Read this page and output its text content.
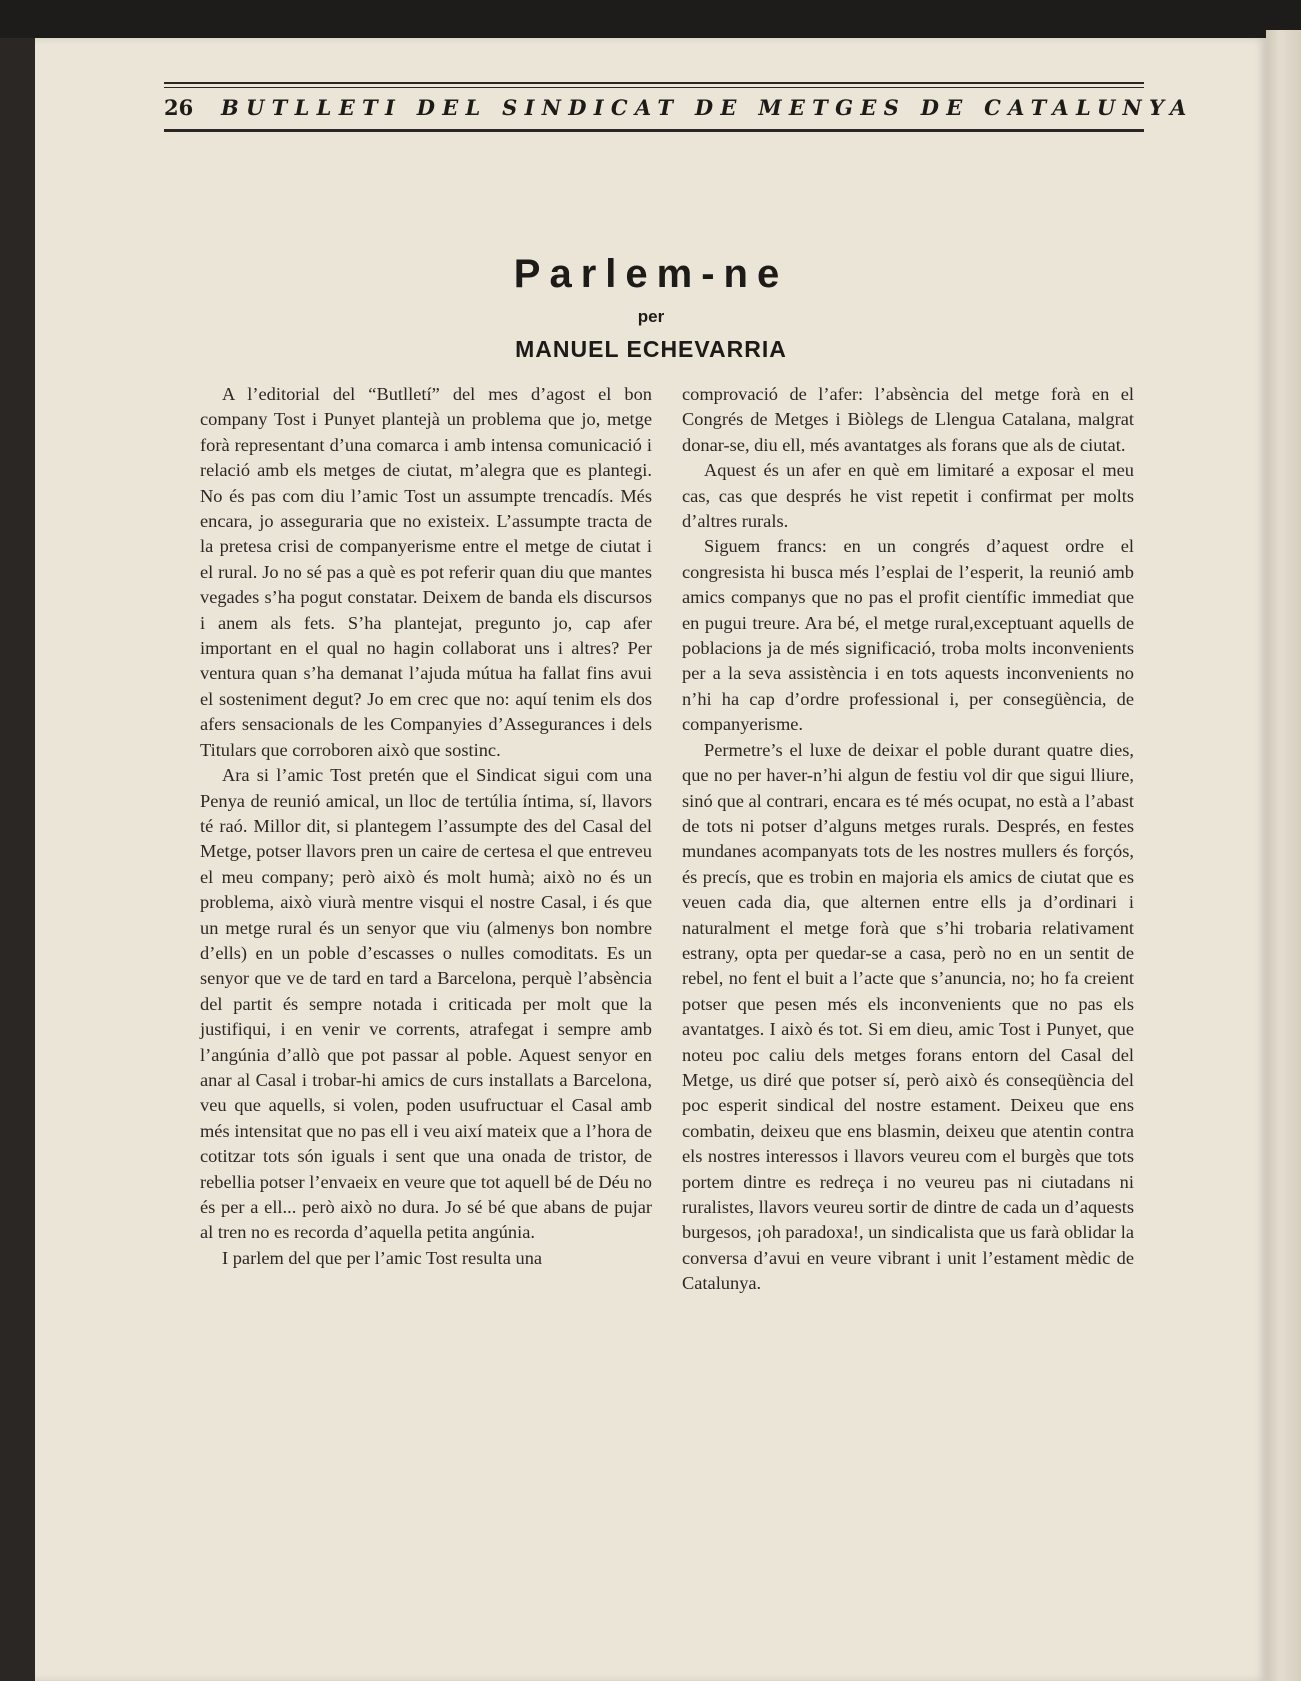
26 BUTLLETI DEL SINDICAT DE METGES DE CATALUNYA
Parlem-ne
per
MANUEL ECHEVARRIA

A l’editorial del “Butlletí” del mes d’agost el bon company Tost i Punyet plantejà un problema que jo, metge forà representant d’una comarca i amb intensa comunicació i relació amb els metges de ciutat, m’alegra que es plantegi. No és pas com diu l’amic Tost un assumpte trencadís. Més encara, jo asseguraria que no existeix. L’assumpte tracta de la pretesa crisi de companyerisme entre el metge de ciutat i el rural. Jo no sé pas a què es pot referir quan diu que mantes vegades s’ha pogut constatar. Deixem de banda els discursos i anem als fets. S’ha plantejat, pregunto jo, cap afer important en el qual no hagin collaborat uns i altres? Per ventura quan s’ha demanat l’ajuda mútua ha fallat fins avui el sosteniment degut? Jo em crec que no: aquí tenim els dos afers sensacionals de les Companyies d’Assegurances i dels Titulars que corroboren això que sostinc.

Ara si l’amic Tost pretén que el Sindicat sigui com una Penya de reunió amical, un lloc de tertúlia íntima, sí, llavors té raó. Millor dit, si plantegem l’assumpte des del Casal del Metge, potser llavors pren un caire de certesa el que entreveu el meu company; però això és molt humà; això no és un problema, això viurà mentre visqui el nostre Casal, i és que un metge rural és un senyor que viu (almenys bon nombre d’ells) en un poble d’escasses o nulles comoditats. Es un senyor que ve de tard en tard a Barcelona, perquè l’absència del partit és sempre notada i criticada per molt que la justifiqui, i en venir ve corrents, atrafegat i sempre amb l’angúnia d’allò que pot passar al poble. Aquest senyor en anar al Casal i trobar-hi amics de curs installats a Barcelona, veu que aquells, si volen, poden usufructuar el Casal amb més intensitat que no pas ell i veu així mateix que a l’hora de cotitzar tots són iguals i sent que una onada de tristor, de rebellia potser l’envaeix en veure que tot aquell bé de Déu no és per a ell... però això no dura. Jo sé bé que abans de pujar al tren no es recorda d’aquella petita angúnia.

I parlem del que per l’amic Tost resulta una

comprovació de l’afer: l’absència del metge forà en el Congrés de Metges i Biòlegs de Llengua Catalana, malgrat donar-se, diu ell, més avantatges als forans que als de ciutat.

Aquest és un afer en què em limitaré a exposar el meu cas, cas que després he vist repetit i confirmat per molts d’altres rurals.

Siguem francs: en un congrés d’aquest ordre el congresista hi busca més l’esplai de l’esperit, la reunió amb amics companys que no pas el profit científic immediat que en pugui treure. Ara bé, el metge rural,exceptuant aquells de poblacions ja de més significació, troba molts inconvenients per a la seva assistència i en tots aquests inconvenients no n’hi ha cap d’ordre professional i, per consegüència, de companyerisme.

Permetre’s el luxe de deixar el poble durant quatre dies, que no per haver-n’hi algun de festiu vol dir que sigui lliure, sinó que al contrari, encara es té més ocupat, no està a l’abast de tots ni potser d’alguns metges rurals. Després, en festes mundanes acompanyats tots de les nostres mullers és forçós, és precís, que es trobin en majoria els amics de ciutat que es veuen cada dia, que alternen entre ells ja d’ordinari i naturalment el metge forà que s’hi trobaria relativament estrany, opta per quedar-se a casa, però no en un sentit de rebel, no fent el buit a l’acte que s’anuncia, no; ho fa creient potser que pesen més els inconvenients que no pas els avantatges. I això és tot. Si em dieu, amic Tost i Punyet, que noteu poc caliu dels metges forans entorn del Casal del Metge, us diré que potser sí, però això és conseqüència del poc esperit sindical del nostre estament. Deixeu que ens combatin, deixeu que ens blasmin, deixeu que atentin contra els nostres interessos i llavors veureu com el burgès que tots portem dintre es redreça i no veureu pas ni ciutadans ni ruralistes, llavors veureu sortir de dintre de cada un d’aquests burgesos, ¡oh paradoxa!, un sindicalista que us farà oblidar la conversa d’avui en veure vibrant i unit l’estament mèdic de Catalunya.
